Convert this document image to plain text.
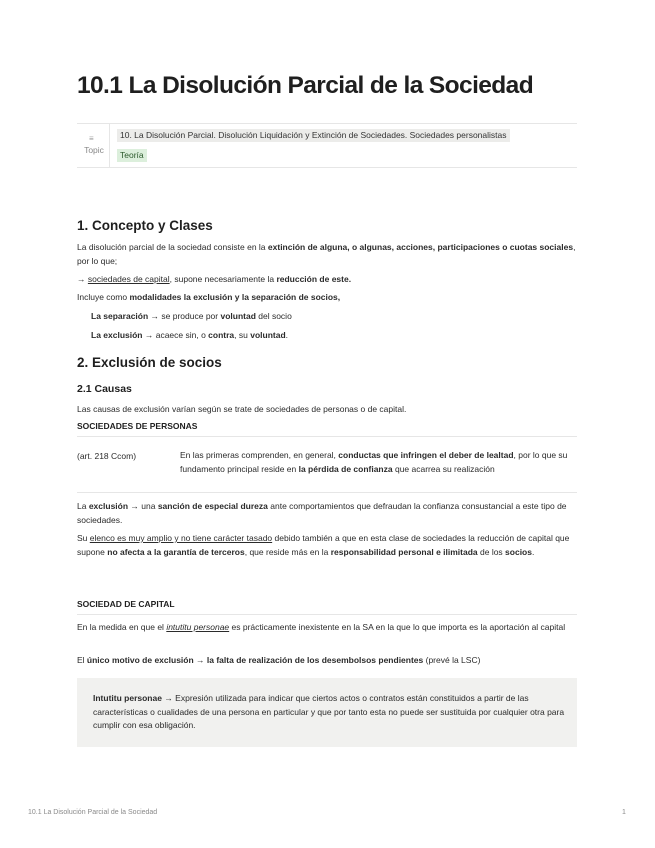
10.1 La Disolución Parcial de la Sociedad
≡
Topic
10. La Disolución Parcial. Disolución Liquidación y Extinción de Sociedades. Sociedades personalistas
Teoría
1. Concepto y Clases

La disolución parcial de la sociedad consiste en la extinción de alguna, o algunas, acciones, participaciones o cuotas sociales, por lo que;

→ sociedades de capital, supone necesariamente la reducción de este.

Incluye como modalidades la exclusión y la separación de socios,

La separación → se produce por voluntad del socio

La exclusión → acaece sin, o contra, su voluntad.

2. Exclusión de socios
2.1 Causas

Las causas de exclusión varían según se trate de sociedades de personas o de capital.

SOCIEDADES DE PERSONAS
(art. 218 Ccom)	En las primeras comprenden, en general, conductas que infringen el deber de lealtad, por lo que su fundamento principal reside en la pérdida de confianza que acarrea su realización

La exclusión → una sanción de especial dureza ante comportamientos que defraudan la confianza consustancial a este tipo de sociedades.

Su elenco es muy amplio y no tiene carácter tasado debido también a que en esta clase de sociedades la reducción de capital que supone no afecta a la garantía de terceros, que reside más en la responsabilidad personal e ilimitada de los socios.

SOCIEDAD DE CAPITAL

En la medida en que el intutitu personae es prácticamente inexistente en la SA en la que lo que importa es la aportación al capital

El único motivo de exclusión → la falta de realización de los desembolsos pendientes (prevé la LSC)

Intutitu personae → Expresión utilizada para indicar que ciertos actos o contratos están constituidos a partir de las características o cualidades de una persona en particular y que por tanto esta no puede ser sustituida por cualquier otra para cumplir con esa obligación.

10.1 La Disolución Parcial de la Sociedad	1
